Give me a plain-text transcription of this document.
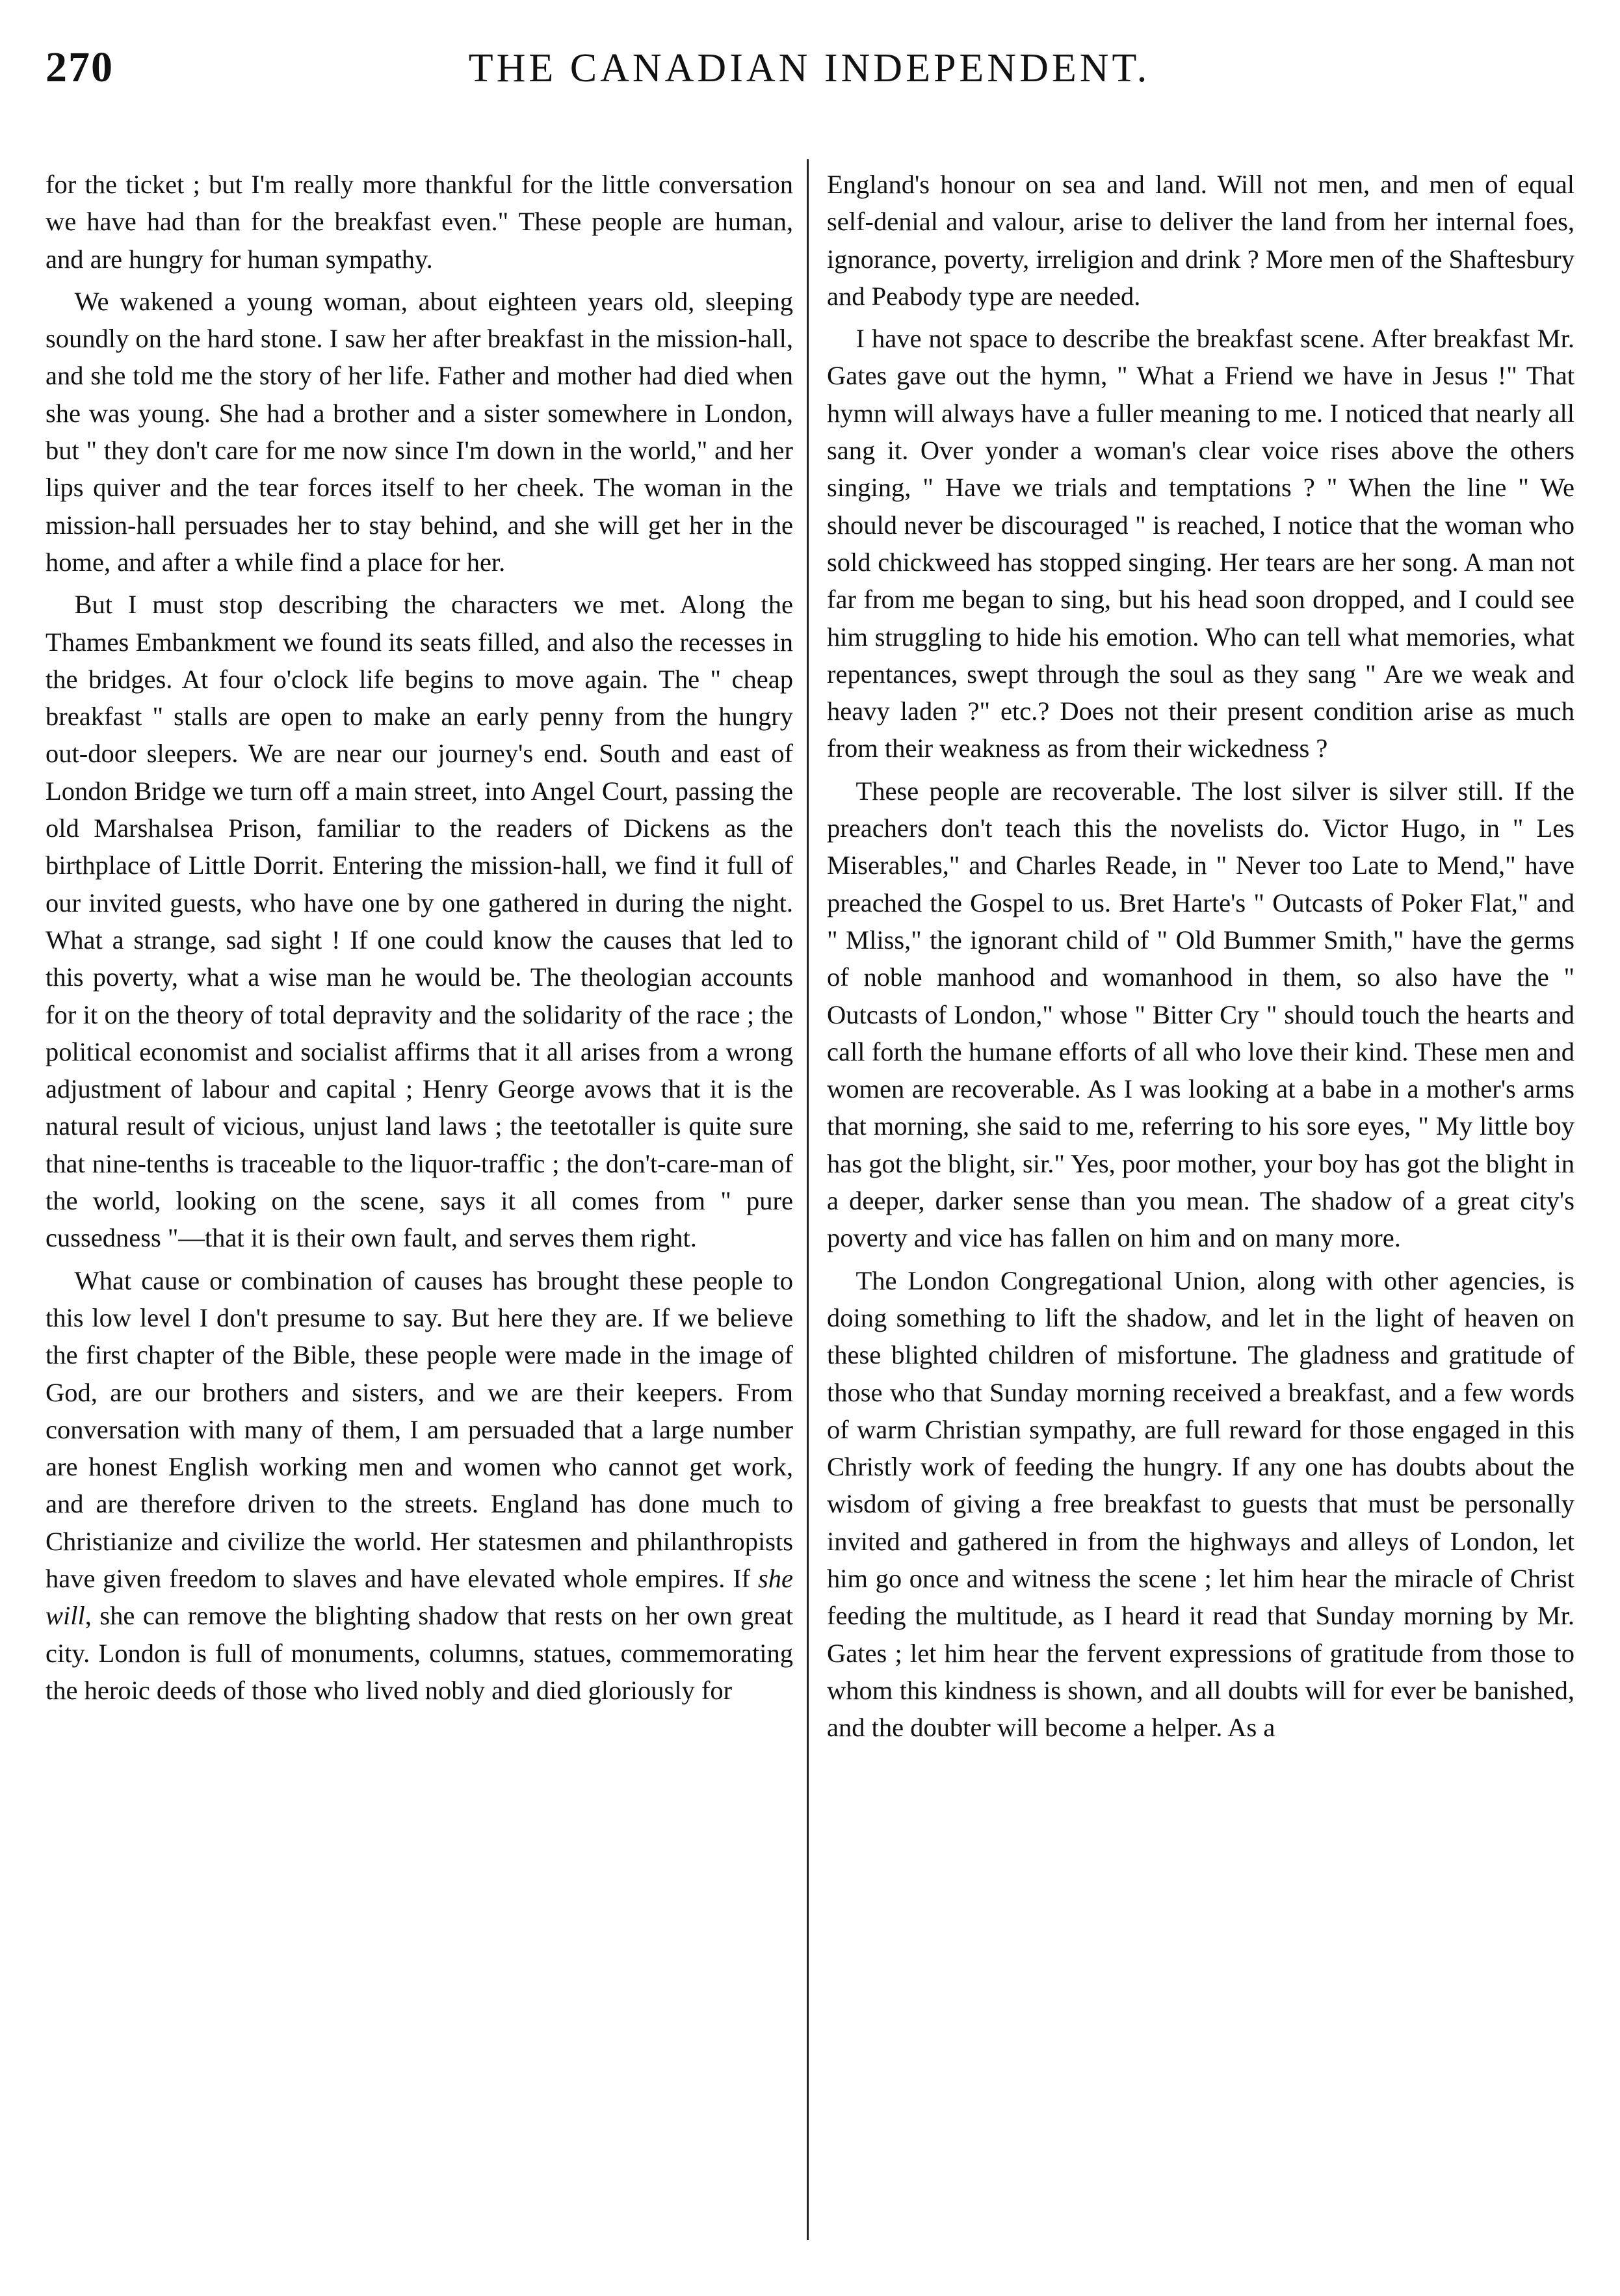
270	THE CANADIAN INDEPENDENT.

for the ticket ; but I'm really more thankful for the little conversation we have had than for the breakfast even." These people are human, and are hungry for human sympathy.

We wakened a young woman, about eighteen years old, sleeping soundly on the hard stone. I saw her after breakfast in the mission-hall, and she told me the story of her life. Father and mother had died when she was young. She had a brother and a sister somewhere in London, but " they don't care for me now since I'm down in the world," and her lips quiver and the tear forces itself to her cheek. The woman in the mission-hall persuades her to stay behind, and she will get her in the home, and after a while find a place for her.

But I must stop describing the characters we met. Along the Thames Embankment we found its seats filled, and also the recesses in the bridges. At four o'clock life begins to move again. The " cheap breakfast " stalls are open to make an early penny from the hungry out-door sleepers. We are near our journey's end. South and east of London Bridge we turn off a main street, into Angel Court, passing the old Marshalsea Prison, familiar to the readers of Dickens as the birthplace of Little Dorrit. Entering the mission-hall, we find it full of our invited guests, who have one by one gathered in during the night. What a strange, sad sight ! If one could know the causes that led to this poverty, what a wise man he would be. The theologian accounts for it on the theory of total depravity and the solidarity of the race ; the political economist and socialist affirms that it all arises from a wrong adjustment of labour and capital ; Henry George avows that it is the natural result of vicious, unjust land laws ; the teetotaller is quite sure that nine-tenths is traceable to the liquor-traffic ; the don't-care-man of the world, looking on the scene, says it all comes from " pure cussedness "—that it is their own fault, and serves them right.

What cause or combination of causes has brought these people to this low level I don't presume to say. But here they are. If we believe the first chapter of the Bible, these people were made in the image of God, are our brothers and sisters, and we are their keepers. From conversation with many of them, I am persuaded that a large number are honest English working men and women who cannot get work, and are therefore driven to the streets. England has done much to Christianize and civilize the world. Her statesmen and philanthropists have given freedom to slaves and have elevated whole empires. If she will, she can remove the blighting shadow that rests on her own great city. London is full of monuments, columns, statues, commemorating the heroic deeds of those who lived nobly and died gloriously for

England's honour on sea and land. Will not men, and men of equal self-denial and valour, arise to deliver the land from her internal foes, ignorance, poverty, irreligion and drink ? More men of the Shaftesbury and Peabody type are needed.

I have not space to describe the breakfast scene. After breakfast Mr. Gates gave out the hymn, " What a Friend we have in Jesus !" That hymn will always have a fuller meaning to me. I noticed that nearly all sang it. Over yonder a woman's clear voice rises above the others singing, " Have we trials and temptations ? " When the line " We should never be discouraged " is reached, I notice that the woman who sold chickweed has stopped singing. Her tears are her song. A man not far from me began to sing, but his head soon dropped, and I could see him struggling to hide his emotion. Who can tell what memories, what repentances, swept through the soul as they sang " Are we weak and heavy laden ?" etc.? Does not their present condition arise as much from their weakness as from their wickedness ?

These people are recoverable. The lost silver is silver still. If the preachers don't teach this the novelists do. Victor Hugo, in " Les Miserables," and Charles Reade, in " Never too Late to Mend," have preached the Gospel to us. Bret Harte's " Outcasts of Poker Flat," and " Mliss," the ignorant child of " Old Bummer Smith," have the germs of noble manhood and womanhood in them, so also have the " Outcasts of London," whose " Bitter Cry " should touch the hearts and call forth the humane efforts of all who love their kind. These men and women are recoverable. As I was looking at a babe in a mother's arms that morning, she said to me, referring to his sore eyes, " My little boy has got the blight, sir." Yes, poor mother, your boy has got the blight in a deeper, darker sense than you mean. The shadow of a great city's poverty and vice has fallen on him and on many more.

The London Congregational Union, along with other agencies, is doing something to lift the shadow, and let in the light of heaven on these blighted children of misfortune. The gladness and gratitude of those who that Sunday morning received a breakfast, and a few words of warm Christian sympathy, are full reward for those engaged in this Christly work of feeding the hungry. If any one has doubts about the wisdom of giving a free breakfast to guests that must be personally invited and gathered in from the highways and alleys of London, let him go once and witness the scene ; let him hear the miracle of Christ feeding the multitude, as I heard it read that Sunday morning by Mr. Gates ; let him hear the fervent expressions of gratitude from those to whom this kindness is shown, and all doubts will for ever be banished, and the doubter will become a helper. As a
